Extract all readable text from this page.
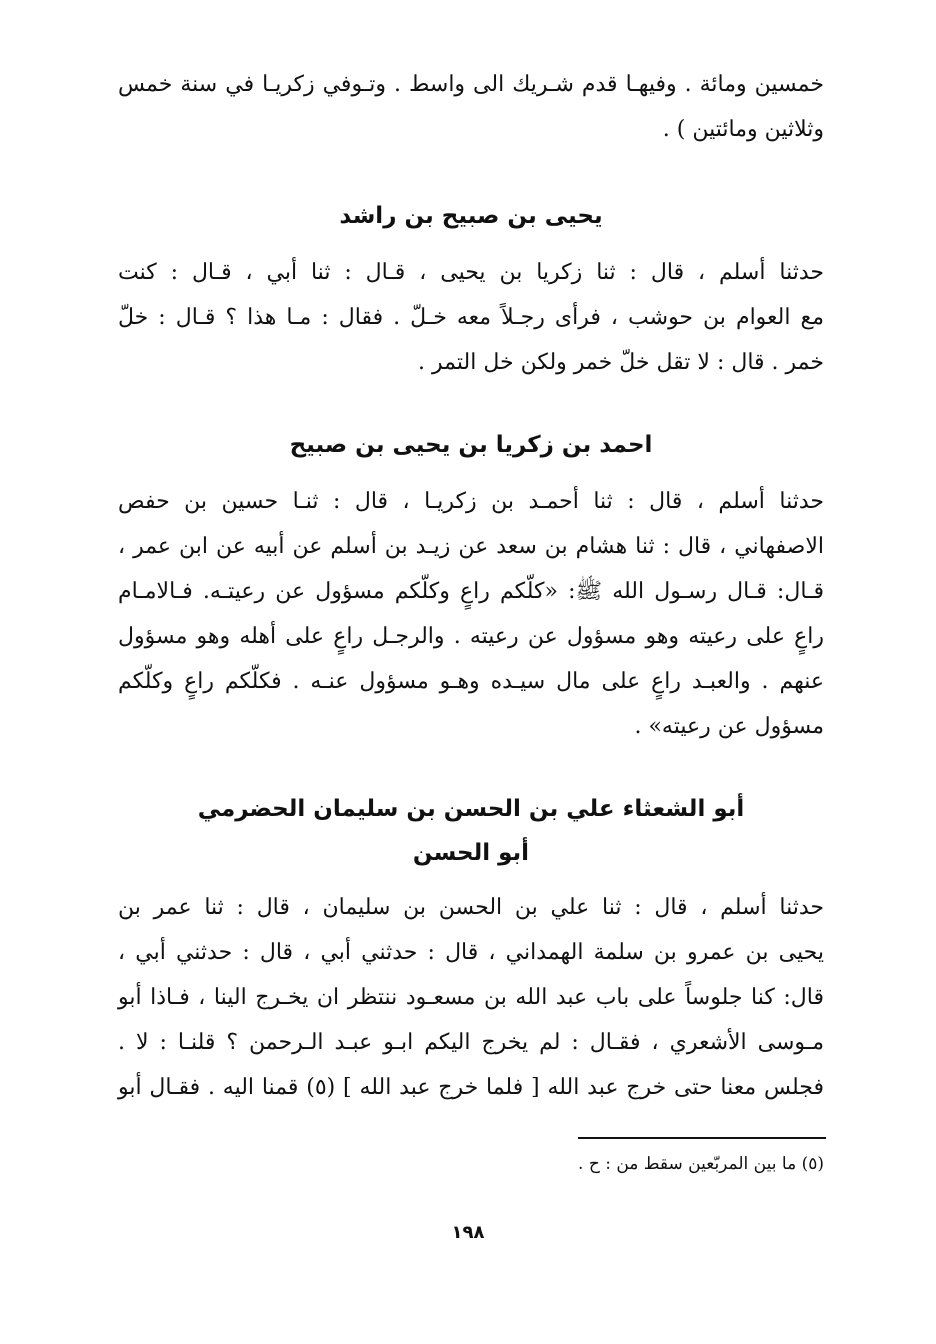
خمسين ومائة . وفيهـا قدم شـريك الى واسط . وتـوفي زكريـا في سنة خمس
وثلاثين ومائتين ) .

يحيى بن صبيح بن راشد

حدثنا أسلم ، قال : ثنا زكريا بن يحيى ، قـال : ثنا أبي ، قـال : كنت
مع العوام بن حوشب ، فرأى رجـلاً معه خـلّ . فقال : مـا هذا ؟ قـال : خلّ
خمر . قال : لا تقل خلّ خمر ولكن خل التمر .

احمد بن زكريا بن يحيى بن صبيح

حدثنا أسلم ، قال : ثنا أحمـد بن زكريـا ، قال : ثنـا حسين بن حفص
الاصفهاني ، قال : ثنا هشام بن سعد عن زيـد بن أسلم عن أبيه عن ابن عمر ،
قـال: قـال رسـول الله ﷺ: «كلّكم راعٍ وكلّكم مسؤول عن رعيتـه. فـالامـام
راعٍ على رعيته وهو مسؤول عن رعيته . والرجـل راعٍ على أهله وهو مسؤول
عنهم . والعبـد راعٍ على مال سيـده وهـو مسؤول عنـه . فكلّكم راعٍ وكلّكم
مسؤول عن رعيته» .

أبو الشعثاء علي بن الحسن بن سليمان الحضرمي
أبو الحسن

حدثنا أسلم ، قال : ثنا علي بن الحسن بن سليمان ، قال : ثنا عمر بن
يحيى بن عمرو بن سلمة الهمداني ، قال : حدثني أبي ، قال : حدثني أبي ،
قال: كنا جلوساً على باب عبد الله بن مسعـود ننتظر ان يخـرج الينا ، فـاذا أبو
مـوسى الأشعري ، فقـال : لم يخرج اليكم ابـو عبـد الـرحمن ؟ قلنـا : لا .
فجلس معنا حتى خرج عبد الله [ فلما خرج عبد الله ] (٥) قمنا اليه . فقـال أبو

(٥) ما بين المربّعين سقط من : ح .
١٩٨
